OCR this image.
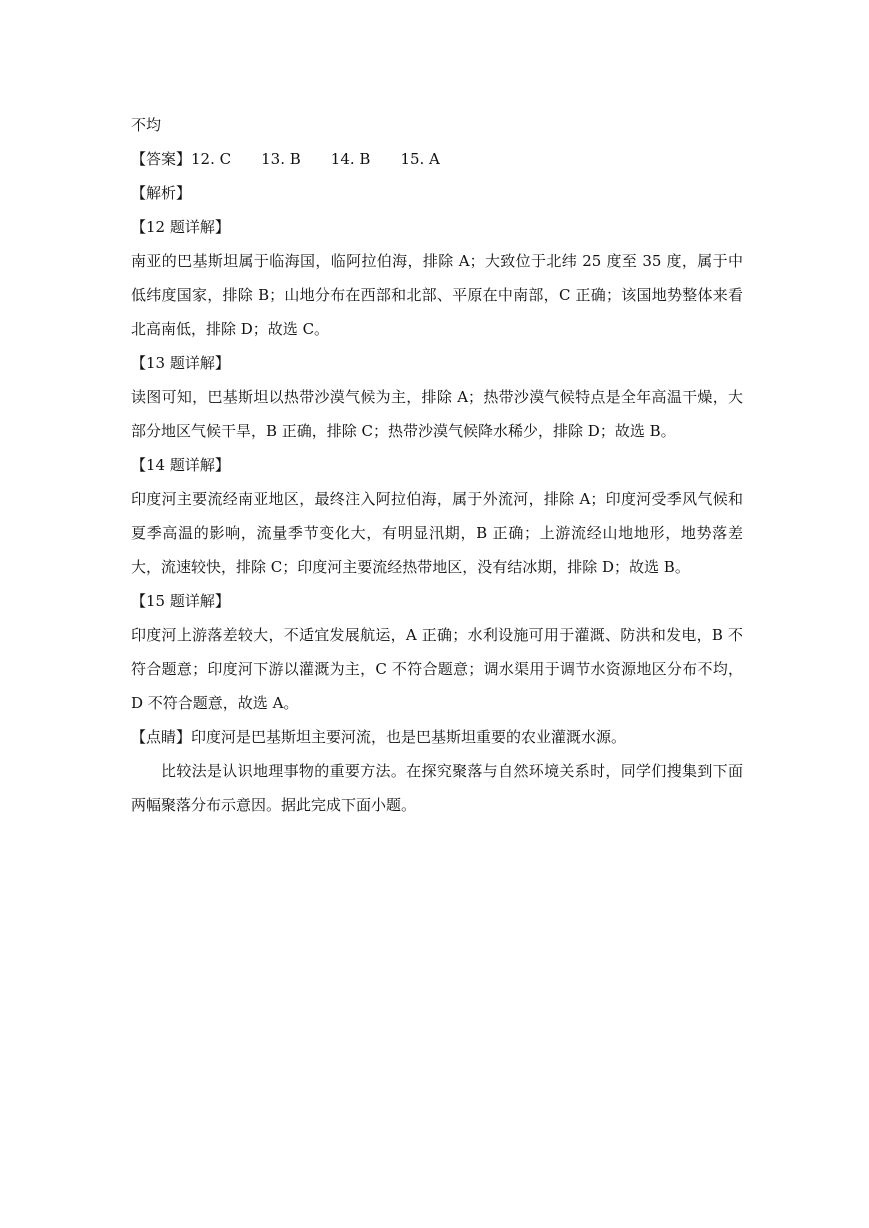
不均
【答案】12. C 13. B 14. B 15. A
【解析】
【12 题详解】
南亚的巴基斯坦属于临海国，临阿拉伯海，排除 A；大致位于北纬 25 度至 35 度，属于中低纬度国家，排除 B；山地分布在西部和北部、平原在中南部，C 正确；该国地势整体来看北高南低，排除 D；故选 C。
【13 题详解】
读图可知，巴基斯坦以热带沙漠气候为主，排除 A；热带沙漠气候特点是全年高温干燥，大部分地区气候干旱，B 正确，排除 C；热带沙漠气候降水稀少，排除 D；故选 B。
【14 题详解】
印度河主要流经南亚地区，最终注入阿拉伯海，属于外流河，排除 A；印度河受季风气候和夏季高温的影响，流量季节变化大，有明显汛期，B 正确；上游流经山地地形，地势落差大，流速较快，排除 C；印度河主要流经热带地区，没有结冰期，排除 D；故选 B。
【15 题详解】
印度河上游落差较大，不适宜发展航运，A 正确；水利设施可用于灌溉、防洪和发电，B 不符合题意；印度河下游以灌溉为主，C 不符合题意；调水渠用于调节水资源地区分布不均，D 不符合题意，故选 A。
【点睛】印度河是巴基斯坦主要河流，也是巴基斯坦重要的农业灌溉水源。
比较法是认识地理事物的重要方法。在探究聚落与自然环境关系时，同学们搜集到下面两幅聚落分布示意因。据此完成下面小题。
